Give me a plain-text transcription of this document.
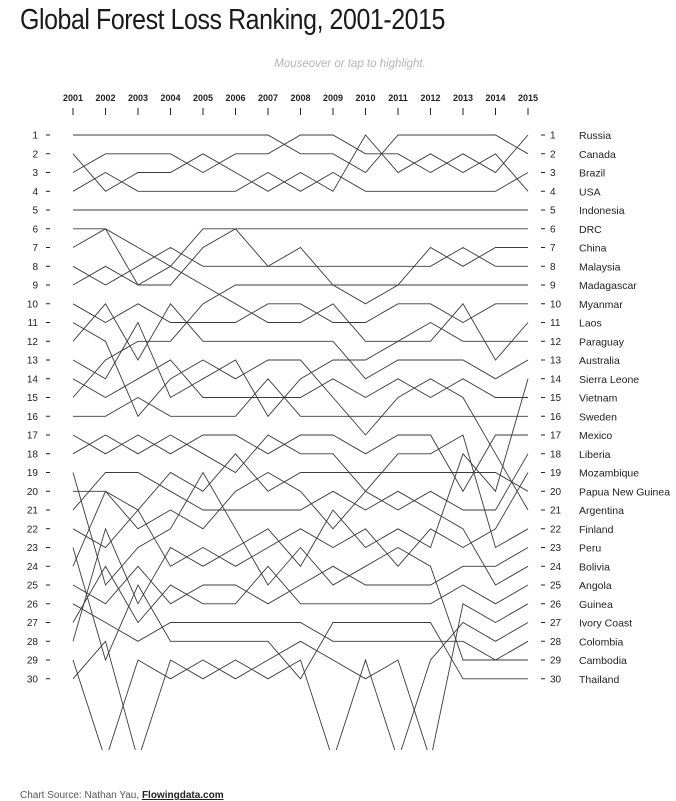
Global Forest Loss Ranking, 2001-2015
Mouseover or tap to highlight.
2001 2002 2003 2004 2005 2006 2007 2008 2009 2010 2011 2012 2013 2014 2015
1
2
3
4
5
6
7
8
9
10
11
12
13
14
15
16
17
18
19
20
21
22
23
24
25
26
27
28
29
30
1
2
3
4
5
6
7
8
9
10
11
12
13
14
15
16
17
18
19
20
21
22
23
24
25
26
27
28
29
30
Canada
Russia
USA
Brazil
Indonesia
DRC
China
Malaysia
Madagascar
Myanmar
Laos
Paraguay
Australia
Sierra Leone
Vietnam
Sweden
Mexico
Liberia
Mozambique
Papua New Guinea
Argentina
Finland
Peru
Bolivia
Angola
Guinea
Ivory Coast
Colombia
Cambodia
Thailand
Chart Source: Nathan Yau, Flowingdata.com
